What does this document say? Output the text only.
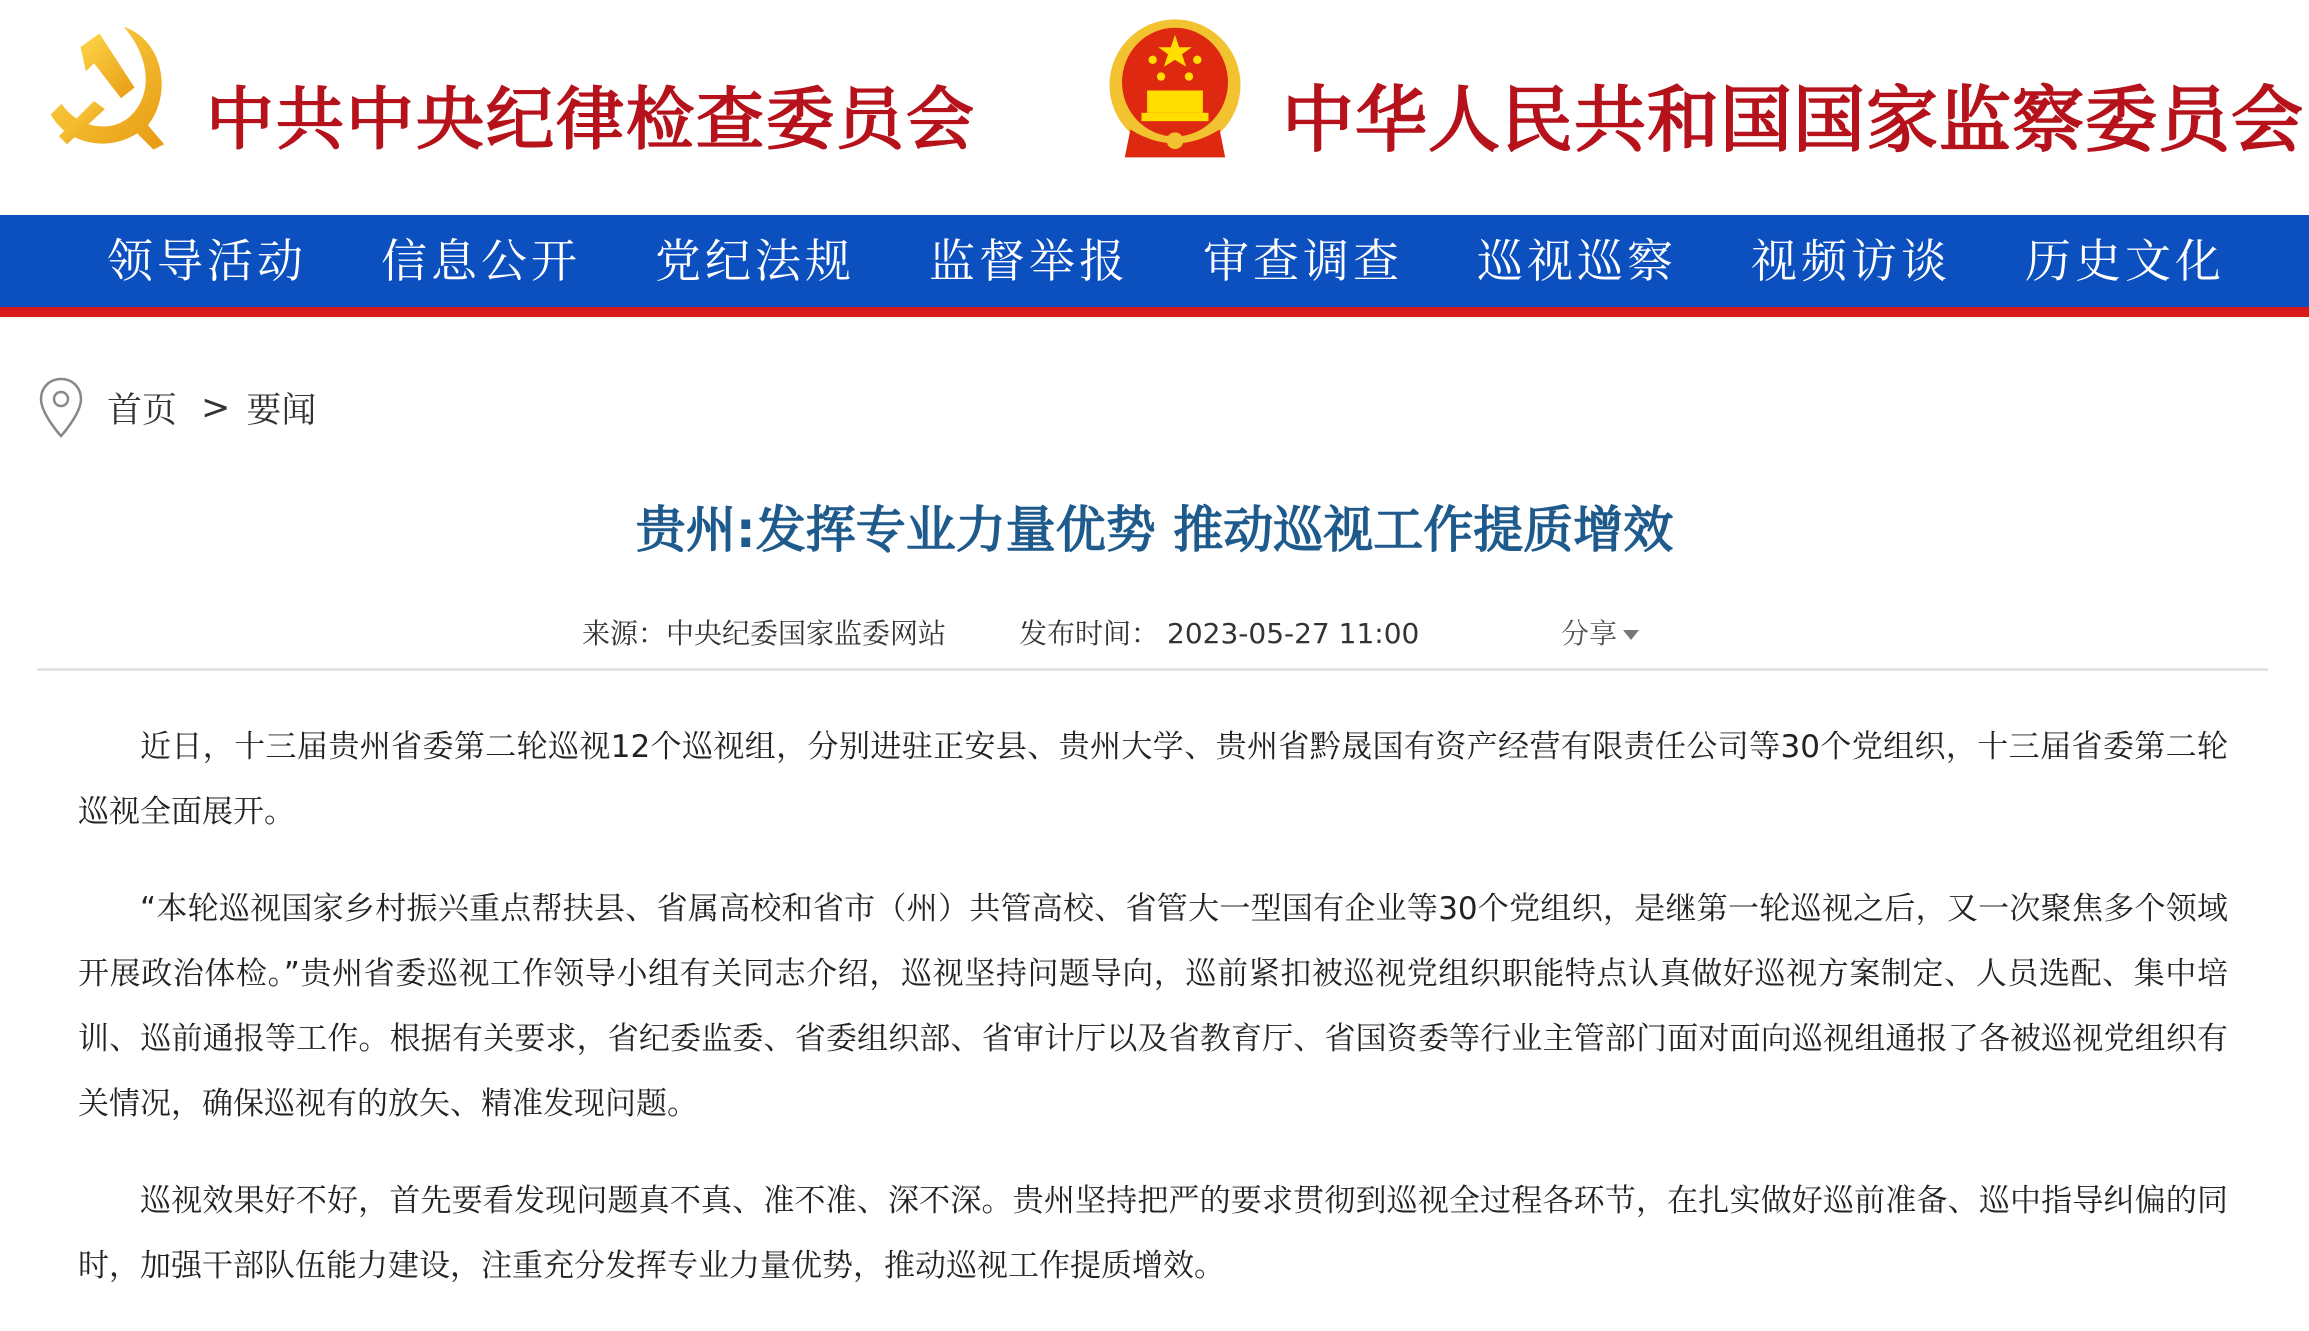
中共中央纪律检查委员会	中华人民共和国国家监察委员会
领导活动	信息公开	党纪法规	监督举报	审查调查	巡视巡察	视频访谈	历史文化
首页 > 要闻
贵州:发挥专业力量优势 推动巡视工作提质增效
来源：中央纪委国家监委网站	发布时间： 2023-05-27 11:00	分享

近日，十三届贵州省委第二轮巡视12个巡视组，分别进驻正安县、贵州大学、贵州省黔晟国有资产经营有限责任公司等30个党组织，十三届省委第二轮巡视全面展开。

“本轮巡视国家乡村振兴重点帮扶县、省属高校和省市（州）共管高校、省管大一型国有企业等30个党组织，是继第一轮巡视之后，又一次聚焦多个领域开展政治体检。”贵州省委巡视工作领导小组有关同志介绍，巡视坚持问题导向，巡前紧扣被巡视党组织职能特点认真做好巡视方案制定、人员选配、集中培训、巡前通报等工作。根据有关要求，省纪委监委、省委组织部、省审计厅以及省教育厅、省国资委等行业主管部门面对面向巡视组通报了各被巡视党组织有关情况，确保巡视有的放矢、精准发现问题。

巡视效果好不好，首先要看发现问题真不真、准不准、深不深。贵州坚持把严的要求贯彻到巡视全过程各环节，在扎实做好巡前准备、巡中指导纠偏的同时，加强干部队伍能力建设，注重充分发挥专业力量优势，推动巡视工作提质增效。
